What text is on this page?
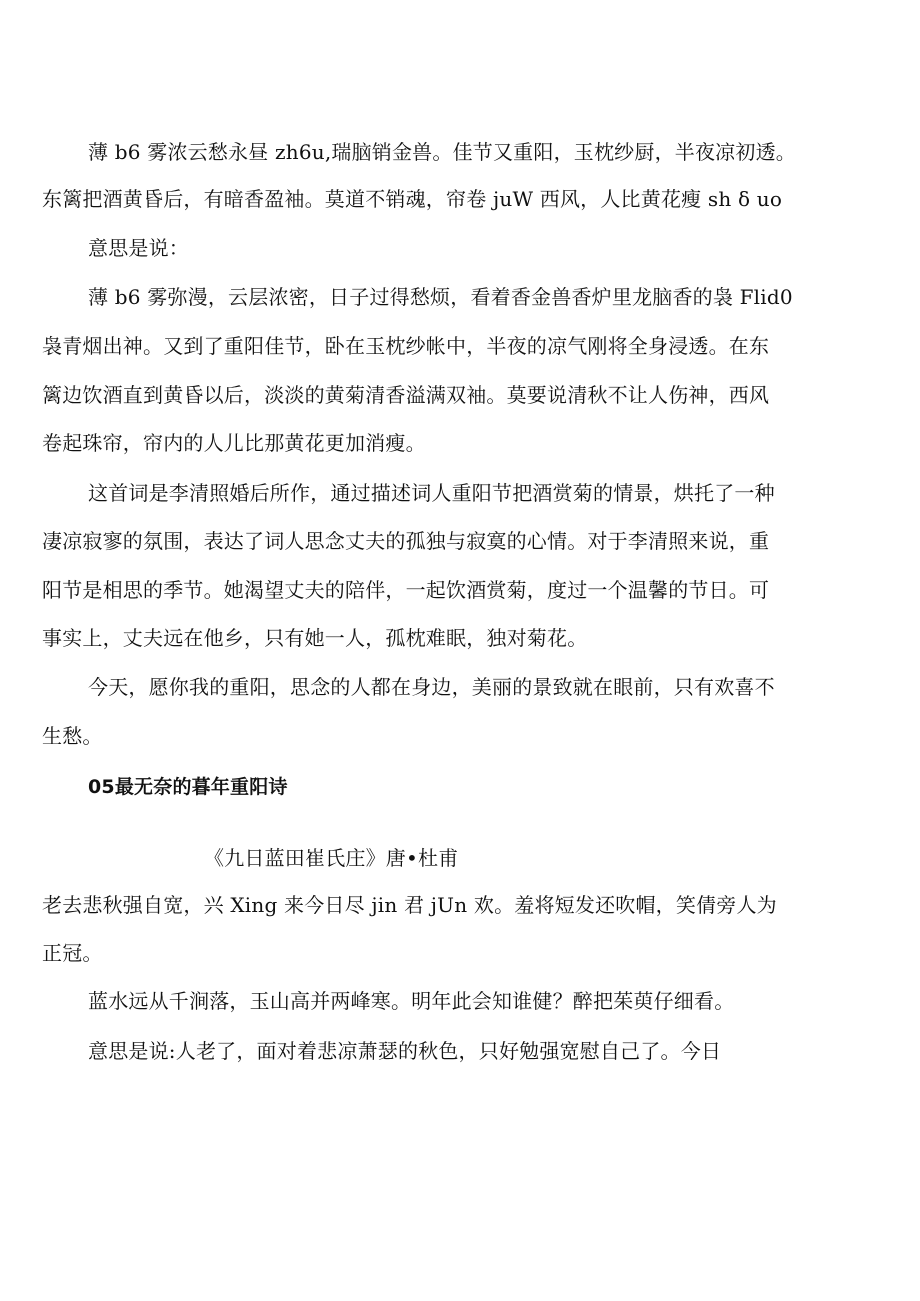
薄 b6 雾浓云愁永昼 zh6u,瑞脑销金兽。佳节又重阳，玉枕纱厨，半夜凉初透。
东篱把酒黄昏后，有暗香盈袖。莫道不销魂，帘卷 juW 西风，人比黄花瘦 sh δ uo
意思是说：
薄 b6 雾弥漫，云层浓密，日子过得愁烦，看着香金兽香炉里龙脑香的袅 Flid0
袅青烟出神。又到了重阳佳节，卧在玉枕纱帐中，半夜的凉气刚将全身浸透。在东
篱边饮酒直到黄昏以后，淡淡的黄菊清香溢满双袖。莫要说清秋不让人伤神，西风
卷起珠帘，帘内的人儿比那黄花更加消瘦。
这首词是李清照婚后所作，通过描述词人重阳节把酒赏菊的情景，烘托了一种
凄凉寂寥的氛围，表达了词人思念丈夫的孤独与寂寞的心情。对于李清照来说，重
阳节是相思的季节。她渴望丈夫的陪伴，一起饮酒赏菊，度过一个温馨的节日。可
事实上，丈夫远在他乡，只有她一人，孤枕难眠，独对菊花。
今天，愿你我的重阳，思念的人都在身边，美丽的景致就在眼前，只有欢喜不
生愁。
05最无奈的暮年重阳诗
《九日蓝田崔氏庄》唐•杜甫
老去悲秋强自宽，兴 Xing 来今日尽 jin 君 jUn 欢。羞将短发还吹帽，笑倩旁人为
正冠。
蓝水远从千涧落，玉山高并两峰寒。明年此会知谁健？醉把茱萸仔细看。
意思是说:人老了，面对着悲凉萧瑟的秋色，只好勉强宽慰自己了。今日
